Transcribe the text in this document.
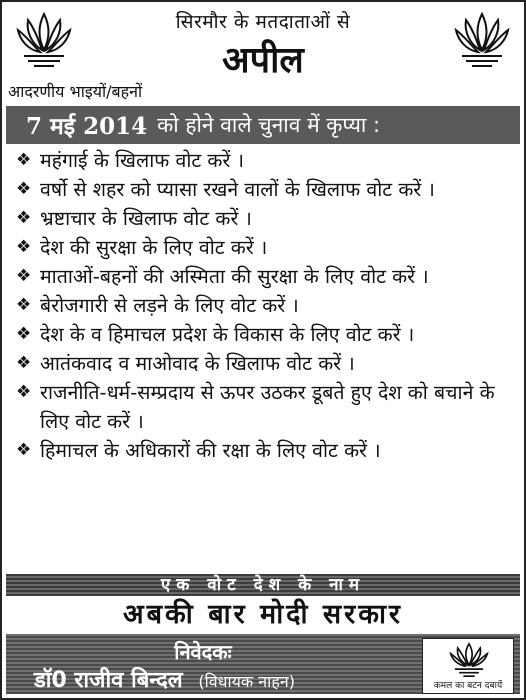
सिरमौर के मतदाताओं से
अपील
आदरणीय भाइयों/बहनों
7 मई 2014 को होने वाले चुनाव में कृप्या :
❖ महंगाई के खिलाफ वोट करें ।
❖ वर्षो से शहर को प्यासा रखने वालों के खिलाफ वोट करें ।
❖ भ्रष्टाचार के खिलाफ वोट करें ।
❖ देश की सुरक्षा के लिए वोट करें ।
❖ माताओं-बहनों की अस्मिता की सुरक्षा के लिए वोट करें ।
❖ बेरोजगारी से लड़ने के लिए वोट करें ।
❖ देश के व हिमाचल प्रदेश के विकास के लिए वोट करें ।
❖ आतंकवाद व माओवाद के खिलाफ वोट करें ।
❖ राजनीति-धर्म-सम्प्रदाय से ऊपर उठकर डूबते हुए देश को बचाने के लिए वोट करें ।
❖ हिमाचल के अधिकारों की रक्षा के लिए वोट करें ।
एक वोट देश के नाम
अबकी बार मोदी सरकार
निवेदकः
डॉ0 राजीव बिन्दल (विधायक नाहन)	कमल का बटन दबायें
